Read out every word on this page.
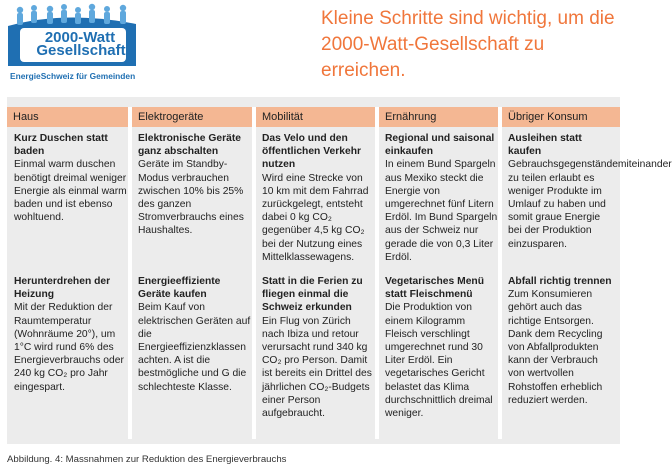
2000-Watt
Gesellschaft
EnergieSchweiz für Gemeinden
Kleine Schritte sind wichtig, um die 2000-Watt-Gesellschaft zu erreichen.
Haus
Kurz Duschen statt baden
Einmal warm duschen benötigt dreimal weniger Energie als einmal warm baden und ist ebenso wohltuend.
Herunterdrehen der Heizung
Mit der Reduktion der Raumtemperatur (Wohnräume 20°), um 1°C wird rund 6% des Energieverbrauchs oder 240 kg CO₂ pro Jahr eingespart.
Elektrogeräte
Elektronische Geräte ganz abschalten
Geräte im Standby-Modus verbrauchen zwischen 10% bis 25% des ganzen Stromverbrauchs eines Haushaltes.
Energieeffiziente Geräte kaufen
Beim Kauf von elektrischen Geräten auf die Energieeffizienzklassen achten. A ist die bestmögliche und G die schlechteste Klasse.
Mobilität
Das Velo und den öffentlichen Verkehr nutzen
Wird eine Strecke von 10 km mit dem Fahrrad zurückgelegt, entsteht dabei 0 kg CO₂ gegenüber 4,5 kg CO₂ bei der Nutzung eines Mittelklassewagens.
Statt in die Ferien zu fliegen einmal die Schweiz erkunden
Ein Flug von Zürich nach Ibiza und retour verursacht rund 340 kg CO₂ pro Person. Damit ist bereits ein Drittel des jährlichen CO₂-Budgets einer Person aufgebraucht.
Ernährung
Regional und saisonal einkaufen
In einem Bund Spargeln aus Mexiko steckt die Energie von umgerechnet fünf Litern Erdöl. Im Bund Spargeln aus der Schweiz nur gerade die von 0,3 Liter Erdöl.
Vegetarisches Menü statt Fleischmenü
Die Produktion von einem Kilogramm Fleisch verschlingt umgerechnet rund 30 Liter Erdöl. Ein vegetarisches Gericht belastet das Klima durchschnittlich dreimal weniger.
Übriger Konsum
Ausleihen statt kaufen
Gebrauchsgegenständemiteinander zu teilen erlaubt es weniger Produkte im Umlauf zu haben und somit graue Energie bei der Produktion einzusparen.
Abfall richtig trennen
Zum Konsumieren gehört auch das richtige Entsorgen. Dank dem Recycling von Abfallprodukten kann der Verbrauch von wertvollen Rohstoffen erheblich reduziert werden.
Abbildung. 4: Massnahmen zur Reduktion des Energieverbrauchs
